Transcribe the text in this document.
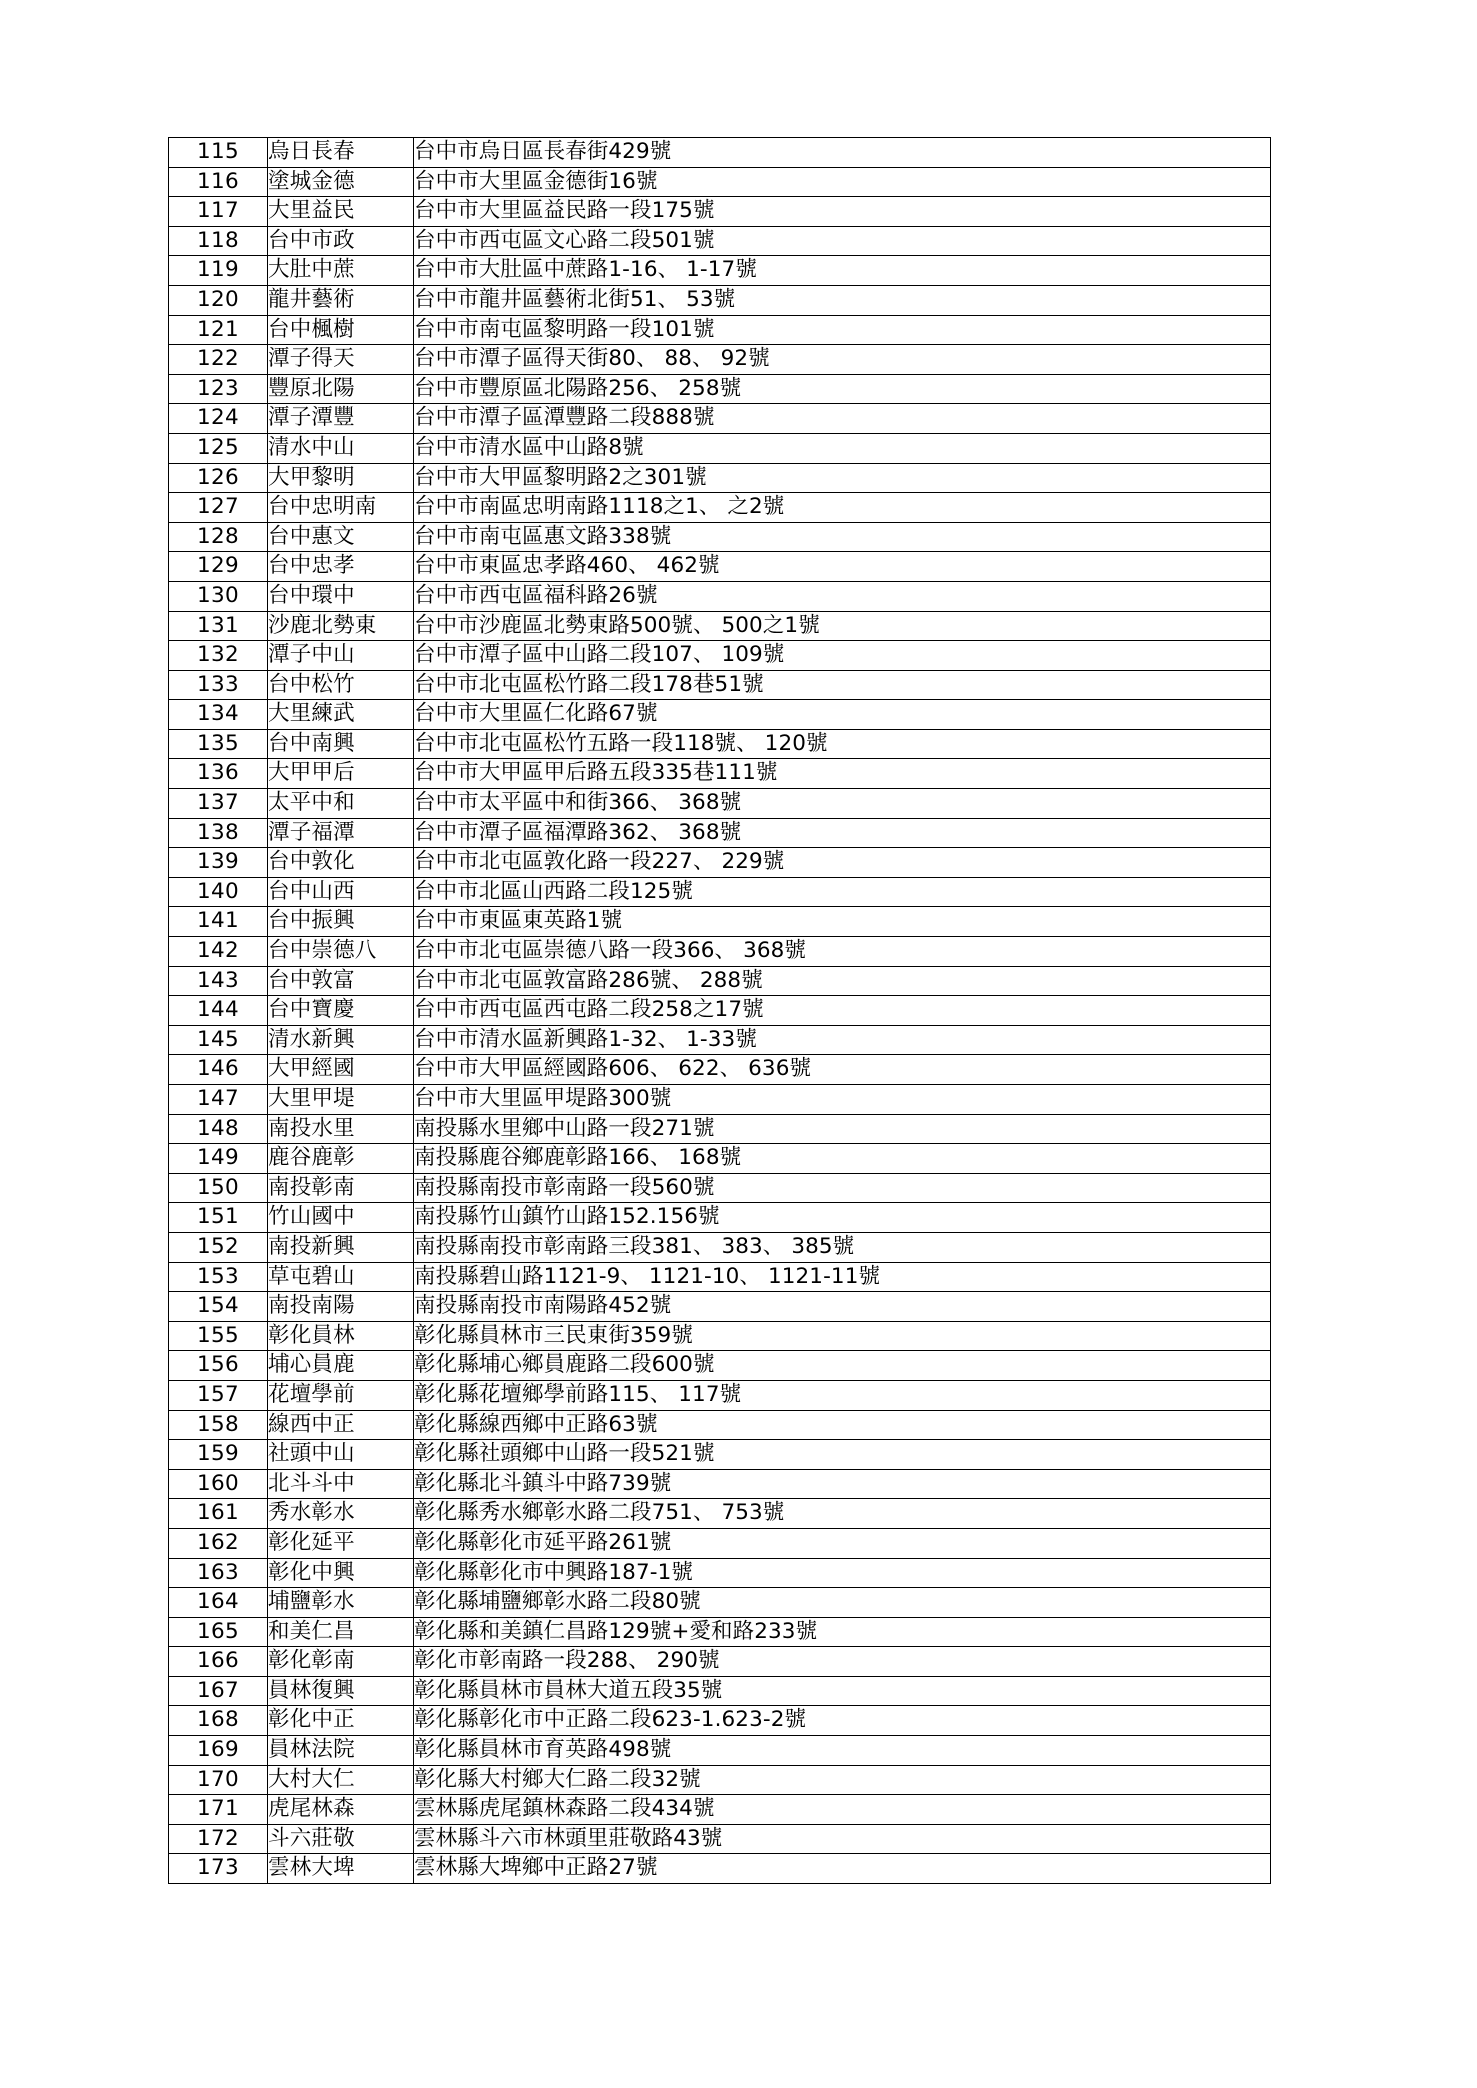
115	烏日長春	台中市烏日區長春街429號
116	塗城金德	台中市大里區金德街16號
117	大里益民	台中市大里區益民路一段175號
118	台中市政	台中市西屯區文心路二段501號
119	大肚中蔗	台中市大肚區中蔗路1-16、 1-17號
120	龍井藝術	台中市龍井區藝術北街51、 53號
121	台中楓樹	台中市南屯區黎明路一段101號
122	潭子得天	台中市潭子區得天街80、 88、 92號
123	豐原北陽	台中市豐原區北陽路256、 258號
124	潭子潭豐	台中市潭子區潭豐路二段888號
125	清水中山	台中市清水區中山路8號
126	大甲黎明	台中市大甲區黎明路2之301號
127	台中忠明南	台中市南區忠明南路1118之1、 之2號
128	台中惠文	台中市南屯區惠文路338號
129	台中忠孝	台中市東區忠孝路460、 462號
130	台中環中	台中市西屯區福科路26號
131	沙鹿北勢東	台中市沙鹿區北勢東路500號、 500之1號
132	潭子中山	台中市潭子區中山路二段107、 109號
133	台中松竹	台中市北屯區松竹路二段178巷51號
134	大里練武	台中市大里區仁化路67號
135	台中南興	台中市北屯區松竹五路一段118號、 120號
136	大甲甲后	台中市大甲區甲后路五段335巷111號
137	太平中和	台中市太平區中和街366、 368號
138	潭子福潭	台中市潭子區福潭路362、 368號
139	台中敦化	台中市北屯區敦化路一段227、 229號
140	台中山西	台中市北區山西路二段125號
141	台中振興	台中市東區東英路1號
142	台中崇德八	台中市北屯區崇德八路一段366、 368號
143	台中敦富	台中市北屯區敦富路286號、 288號
144	台中寶慶	台中市西屯區西屯路二段258之17號
145	清水新興	台中市清水區新興路1-32、 1-33號
146	大甲經國	台中市大甲區經國路606、 622、 636號
147	大里甲堤	台中市大里區甲堤路300號
148	南投水里	南投縣水里鄉中山路一段271號
149	鹿谷鹿彰	南投縣鹿谷鄉鹿彰路166、 168號
150	南投彰南	南投縣南投市彰南路一段560號
151	竹山國中	南投縣竹山鎮竹山路152.156號
152	南投新興	南投縣南投市彰南路三段381、 383、 385號
153	草屯碧山	南投縣碧山路1121-9、 1121-10、 1121-11號
154	南投南陽	南投縣南投市南陽路452號
155	彰化員林	彰化縣員林市三民東街359號
156	埔心員鹿	彰化縣埔心鄉員鹿路二段600號
157	花壇學前	彰化縣花壇鄉學前路115、 117號
158	線西中正	彰化縣線西鄉中正路63號
159	社頭中山	彰化縣社頭鄉中山路一段521號
160	北斗斗中	彰化縣北斗鎮斗中路739號
161	秀水彰水	彰化縣秀水鄉彰水路二段751、 753號
162	彰化延平	彰化縣彰化市延平路261號
163	彰化中興	彰化縣彰化市中興路187-1號
164	埔鹽彰水	彰化縣埔鹽鄉彰水路二段80號
165	和美仁昌	彰化縣和美鎮仁昌路129號+愛和路233號
166	彰化彰南	彰化市彰南路一段288、 290號
167	員林復興	彰化縣員林市員林大道五段35號
168	彰化中正	彰化縣彰化市中正路二段623-1.623-2號
169	員林法院	彰化縣員林市育英路498號
170	大村大仁	彰化縣大村鄉大仁路二段32號
171	虎尾林森	雲林縣虎尾鎮林森路二段434號
172	斗六莊敬	雲林縣斗六市林頭里莊敬路43號
173	雲林大埤	雲林縣大埤鄉中正路27號
